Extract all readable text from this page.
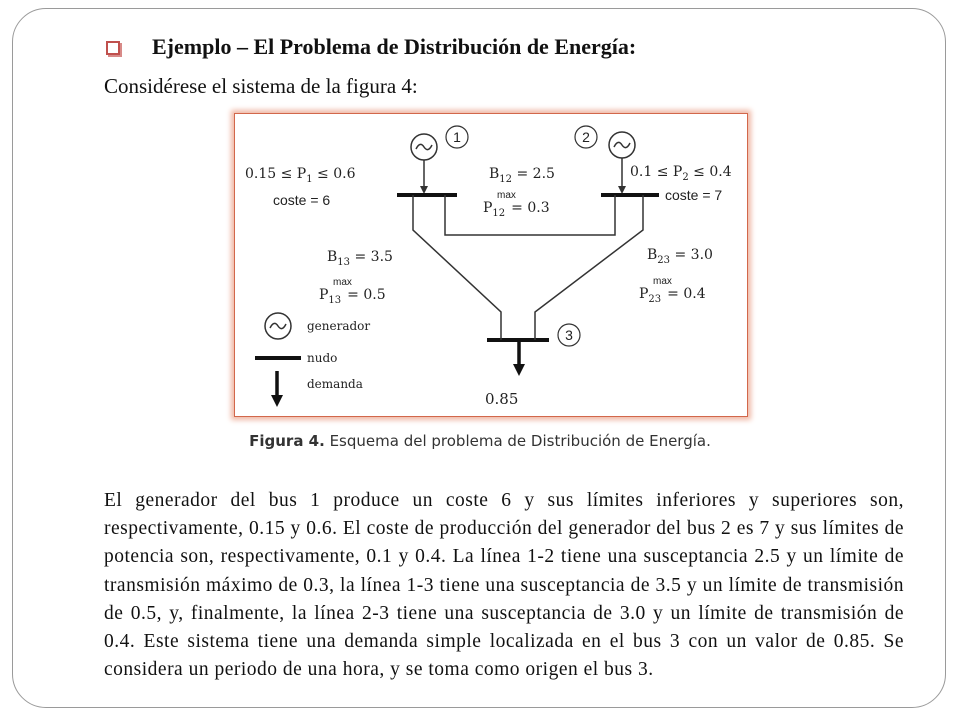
Ejemplo – El Problema de Distribución de Energía:
Considérese el sistema de la figura 4:
1	2
3
$0.15 \le P_1 \le 0.6$
coste = 6
$0.1 \le P_2 \le 0.4$
coste = 7
$B_{12} = 2.5$
max
$P_{12} = 0.3$
$B_{13} = 3.5$
max
$P_{13} = 0.5$
$B_{23} = 3.0$
max
$P_{23} = 0.4$
0.85
generador
nudo
demanda
Figura 4. Esquema del problema de Distribución de Energía.
El generador del bus 1 produce un coste 6 y sus límites inferiores y superiores son, respectivamente, 0.15 y 0.6. El coste de producción del generador del bus 2 es 7 y sus límites de potencia son, respectivamente, 0.1 y 0.4. La línea 1-2 tiene una susceptancia 2.5 y un límite de transmisión máximo de 0.3, la línea 1-3 tiene una susceptancia de 3.5 y un límite de transmisión de 0.5, y, finalmente, la línea 2-3 tiene una susceptancia de 3.0 y un límite de transmisión de 0.4. Este sistema tiene una demanda simple localizada en el bus 3 con un valor de 0.85. Se considera un periodo de una hora, y se toma como origen el bus 3.
